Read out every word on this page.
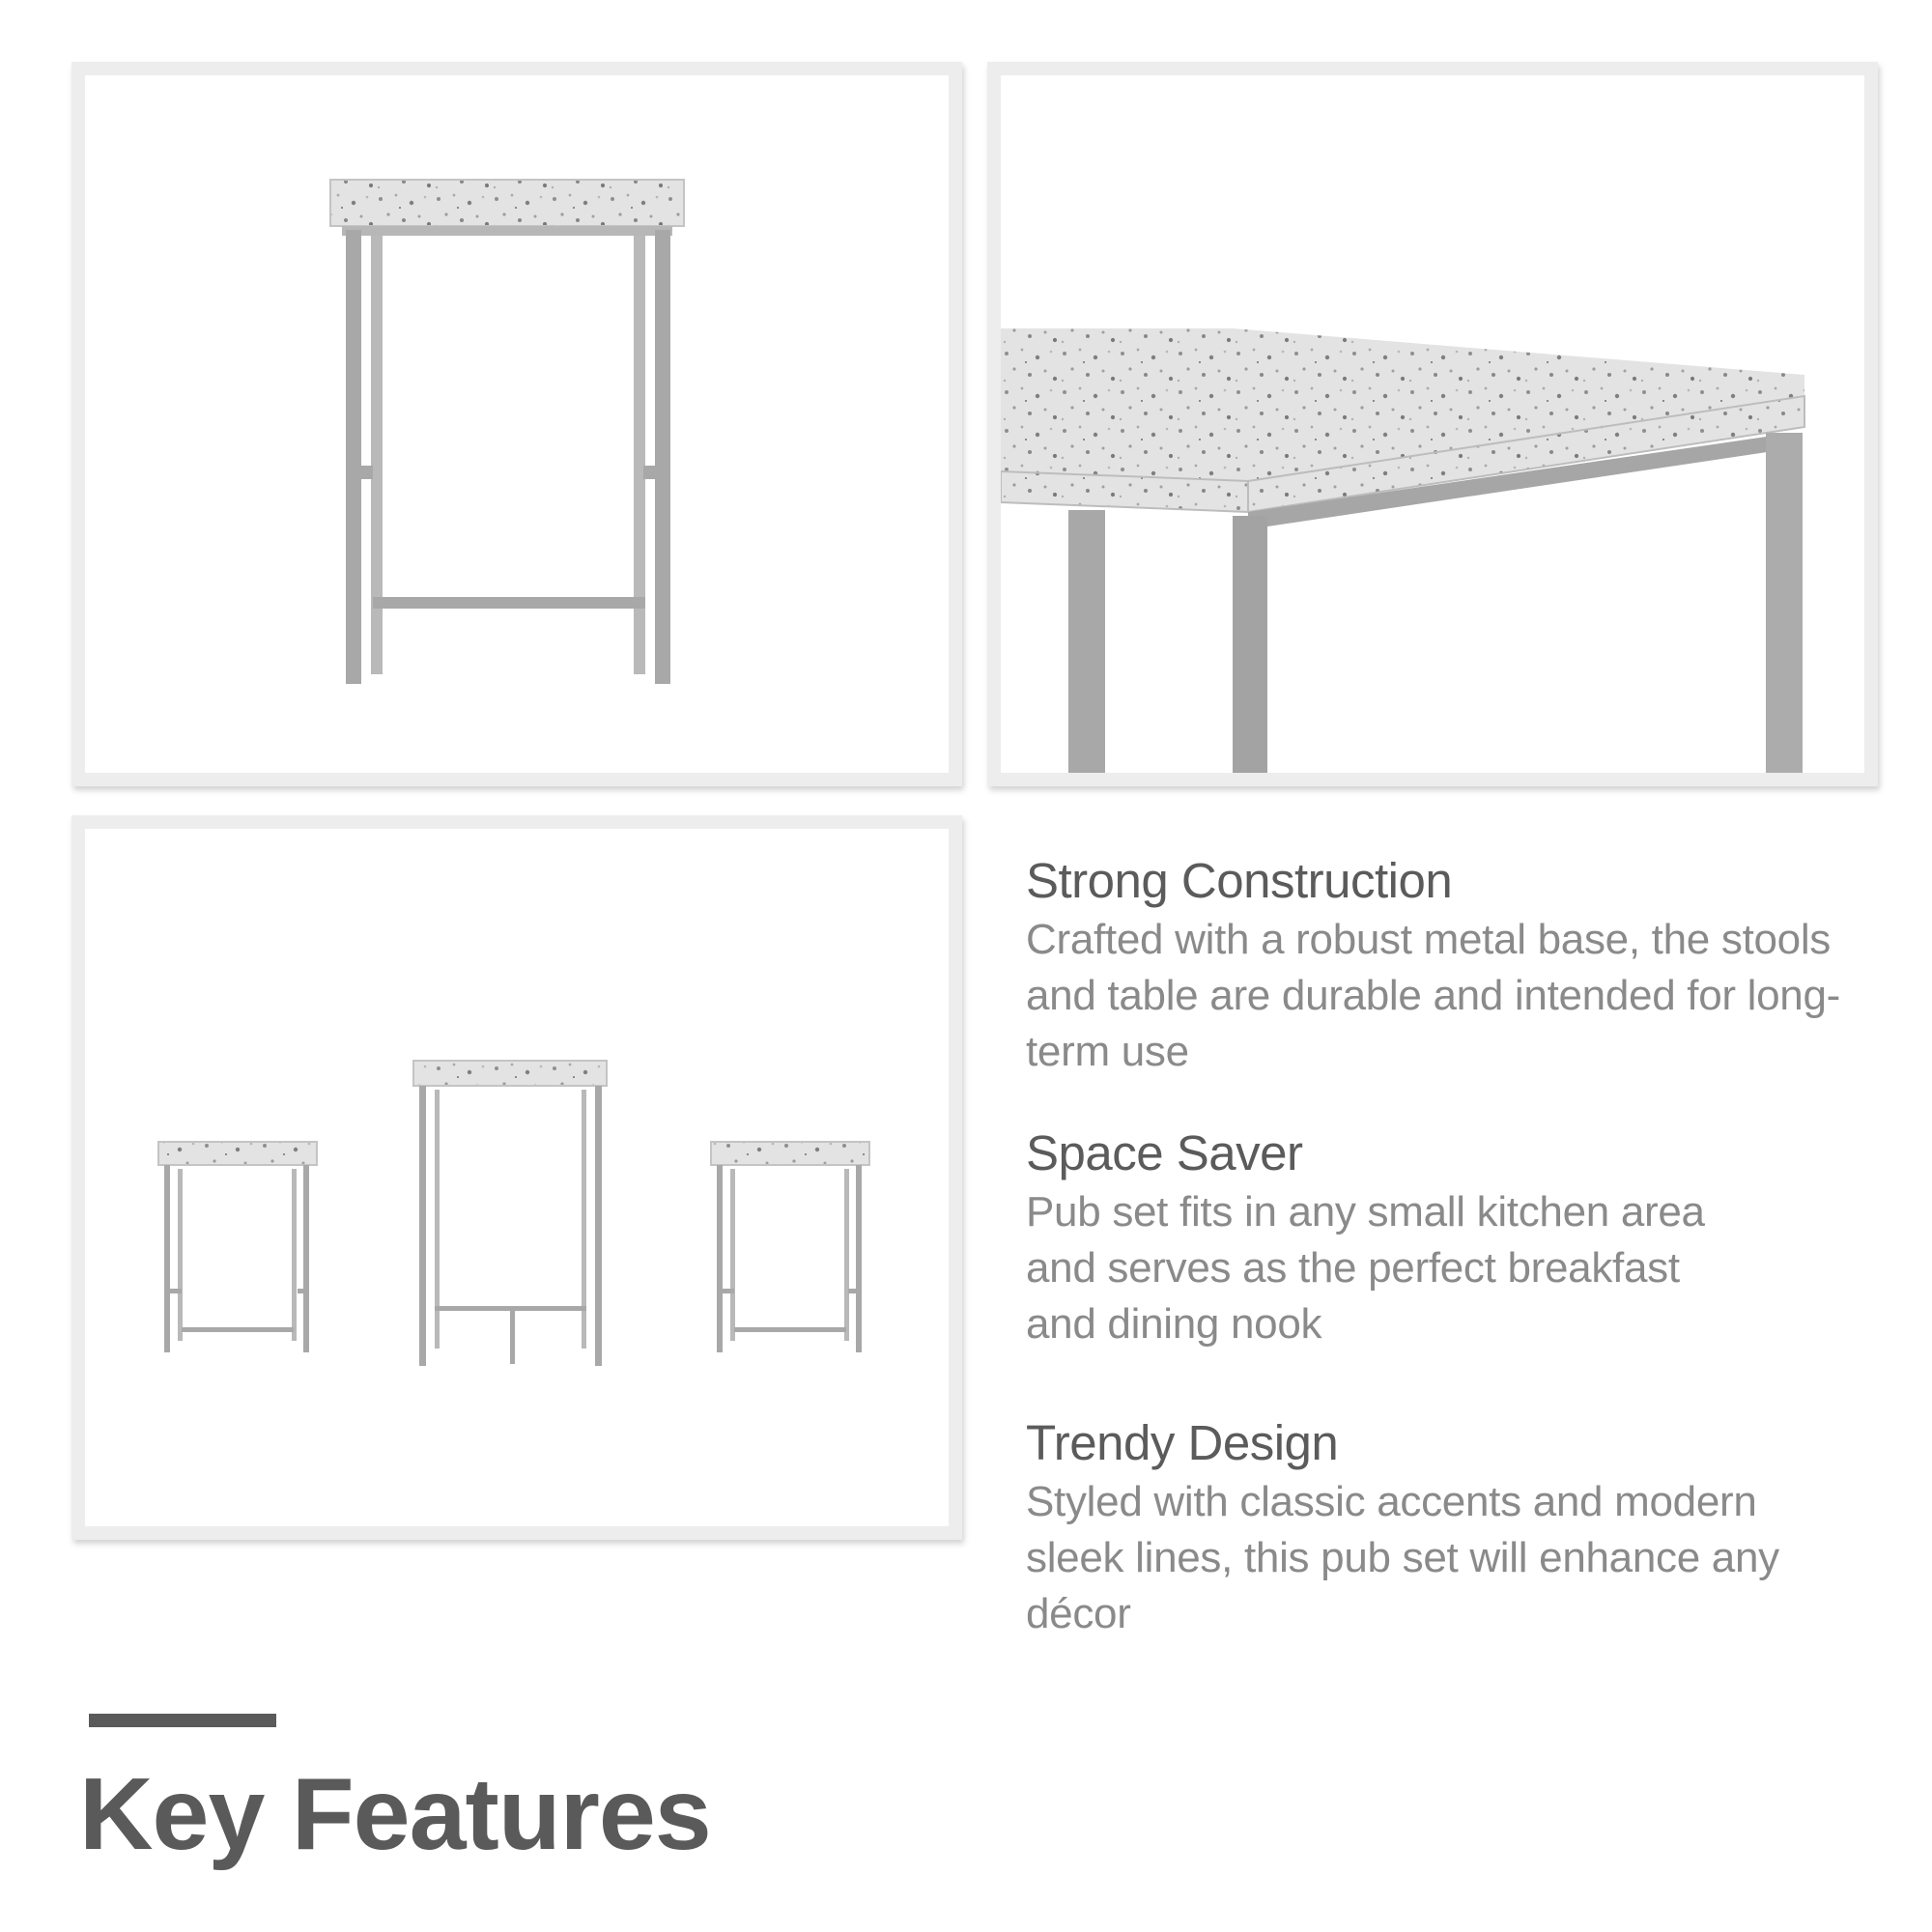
Strong Construction

Crafted with a robust metal base, the stools and table are durable and intended for long-term use

Space Saver

Pub set fits in any small kitchen area and serves as the perfect breakfast and dining nook

Trendy Design

Styled with classic accents and modern sleek lines, this pub set will enhance any décor

Key Features
